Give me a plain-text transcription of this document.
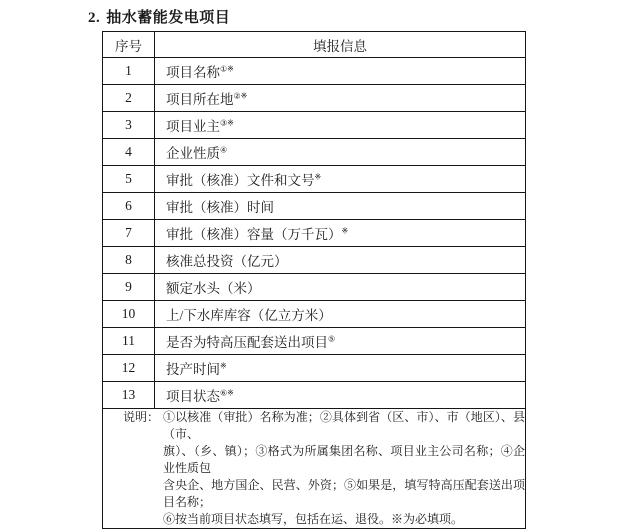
2. 抽水蓄能发电项目
序号	填报信息
1	项目名称①※
2	项目所在地②※
3	项目业主③※
4	企业性质④
5	审批（核准）文件和文号※
6	审批（核准）时间
7	审批（核准）容量（万千瓦）※
8	核准总投资（亿元）
9	额定水头（米）
10	上/下水库库容（亿立方米）
11	是否为特高压配套送出项目⑤
12	投产时间※
13	项目状态⑥※

说明： ①以核准（审批）名称为准；②具体到省（区、市）、市（地区）、县（市、

旗）、（乡、镇）；③格式为所属集团名称、项目业主公司名称；④企业性质包

含央企、地方国企、民营、外资；⑤如果是，填写特高压配套送出项目名称；

⑥按当前项目状态填写，包括在运、退役。※为必填项。	
